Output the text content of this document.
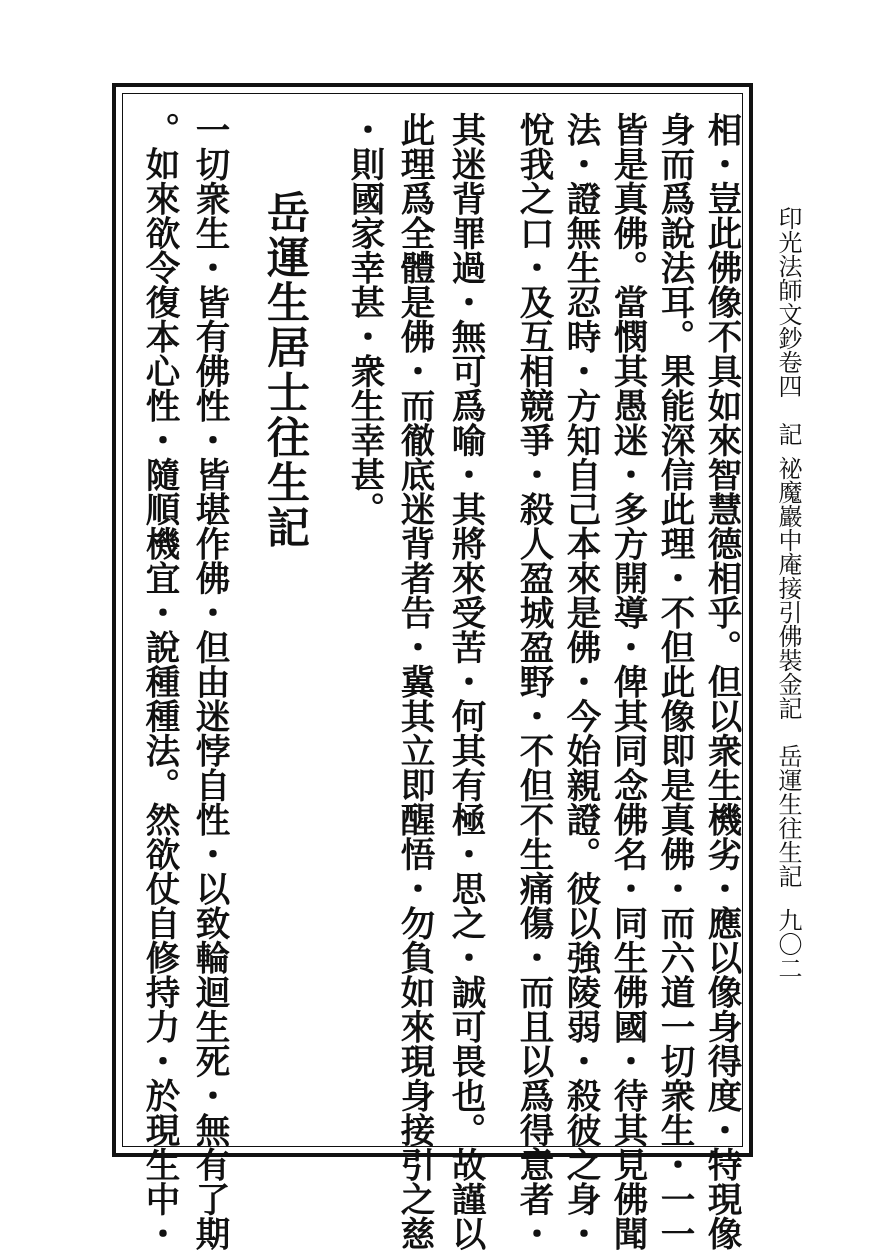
印光法師文鈔卷四　記
祕魔巖中庵接引佛裝金記　岳運生往生記
九〇二
相・豈此佛像不具如來智慧德相乎。但以衆生機劣・應以像身得度・特現像
身而爲說法耳。果能深信此理・不但此像即是真佛・而六道一切衆生・一一
皆是真佛。當憫其愚迷・多方開導・俾其同念佛名・同生佛國・待其見佛聞
法・證無生忍時・方知自己本來是佛・今始親證。彼以強陵弱・殺彼之身・
悅我之口・及互相競爭・殺人盈城盈野・不但不生痛傷・而且以爲得意者・
其迷背罪過・無可爲喻・其將來受苦・何其有極・思之・誠可畏也。故謹以
此理爲全體是佛・而徹底迷背者告・冀其立即醒悟・勿負如來現身接引之慈
・則國家幸甚・衆生幸甚。
岳運生居士往生記
一切衆生・皆有佛性・皆堪作佛・但由迷悖自性・以致輪迴生死・無有了期
。如來欲令復本心性・隨順機宜・說種種法。然欲仗自修持力・於現生中・
